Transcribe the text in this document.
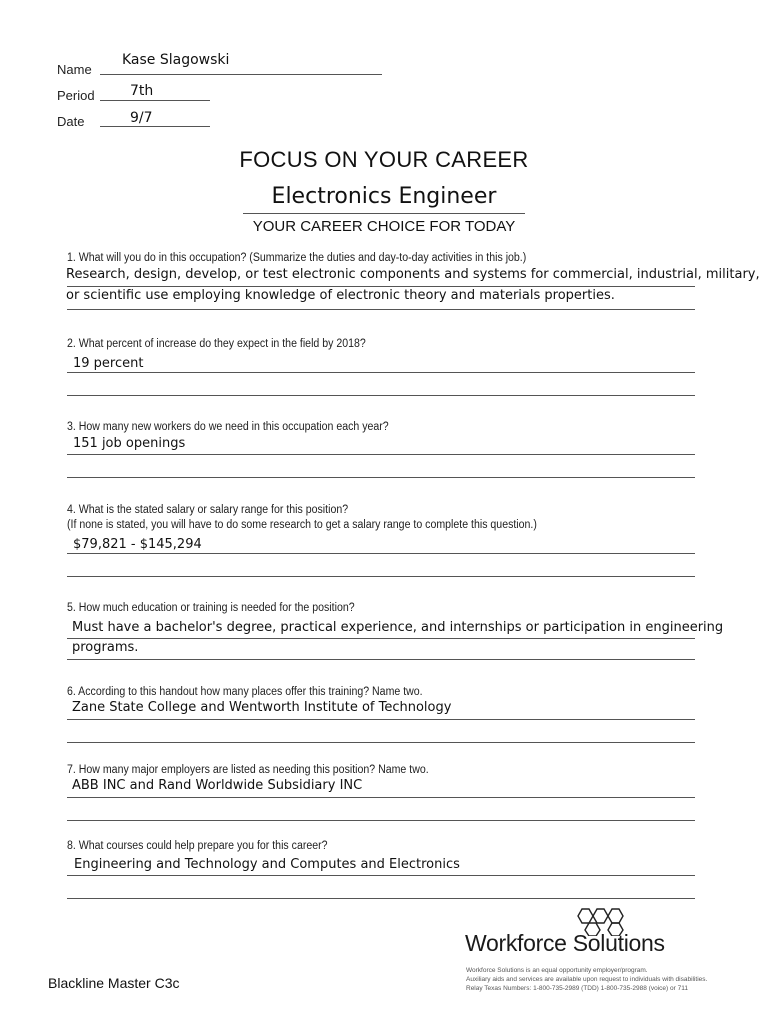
Name
Kase Slagowski
Period	7th
Date	9/7
FOCUS ON YOUR CAREER
Electronics Engineer
YOUR CAREER CHOICE FOR TODAY
1. What will you do in this occupation? (Summarize the duties and day-to-day activities in this job.)
Research, design, develop, or test electronic components and systems for commercial, industrial, military,
or scientific use employing knowledge of electronic theory and materials properties.
2. What percent of increase do they expect in the field by 2018?
19 percent
3. How many new workers do we need in this occupation each year?
151 job openings
4. What is the stated salary or salary range for this position?
(If none is stated, you will have to do some research to get a salary range to complete this question.)
$79,821 - $145,294
5. How much education or training is needed for the position?
Must have a bachelor's degree, practical experience, and internships or participation in engineering
programs.
6. According to this handout how many places offer this training? Name two.
Zane State College and Wentworth Institute of Technology
7. How many major employers are listed as needing this position? Name two.
ABB INC and Rand Worldwide Subsidiary INC
8. What courses could help prepare you for this career?
Engineering and Technology and Computes and Electronics
Blackline Master C3c
Workforce Solutions
Workforce Solutions is an equal opportunity employer/program.
Auxiliary aids and services are available upon request to individuals with disabilities.
Relay Texas Numbers: 1-800-735-2989 (TDD) 1-800-735-2988 (voice) or 711
